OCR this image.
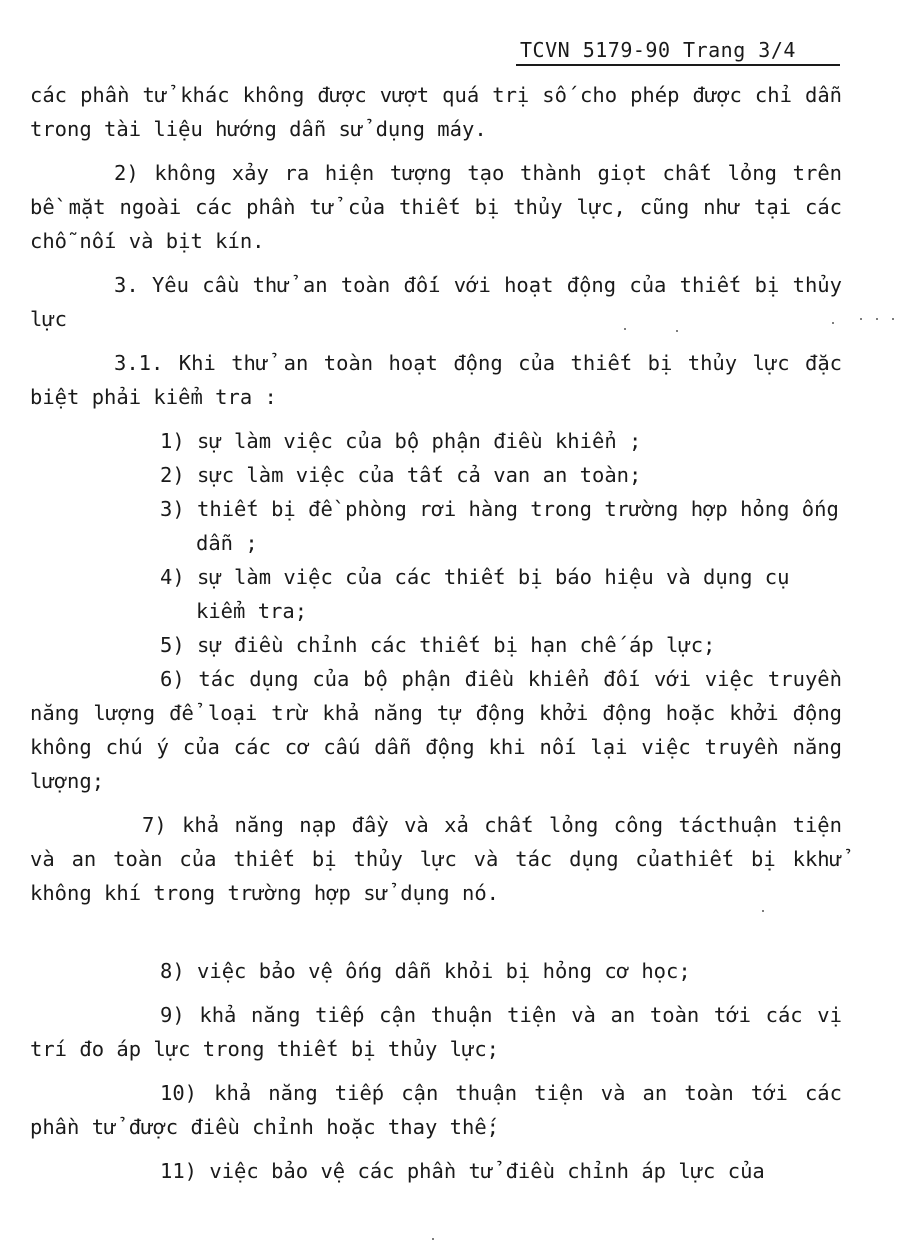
TCVN 5179-90 Trang 3/4

các phần tử khác không được vượt quá trị số cho phép được chỉ dẫn trong tài liệu hướng dẫn sử dụng máy.

2) không xảy ra hiện tượng tạo thành giọt chất lỏng trên bề mặt ngoài các phần tử của thiết bị thủy lực, cũng như tại các chỗ nối và bịt kín.

3. Yêu cầu thử an toàn đối với hoạt động của thiết bị thủy lực

3.1. Khi thử an toàn hoạt động của thiết bị thủy lực đặc biệt phải kiểm tra :

1) sự làm việc của bộ phận điều khiển ;

2) sực làm việc của tất cả van an toàn;

3) thiết bị đề phòng rơi hàng trong trường hợp hỏng ống dẫn ;

4) sự làm việc của các thiết bị báo hiệu và dụng cụ kiểm tra;

5) sự điều chỉnh các thiết bị hạn chế áp lực;

6) tác dụng của bộ phận điều khiển đối với việc truyền năng lượng để loại trừ khả năng tự động khởi động hoặc khởi động không chú ý của các cơ cấu dẫn động khi nối lại việc truyền năng lượng;

7) khả năng nạp đầy và xả chất lỏng công tácthuận tiện và an toàn của thiết bị thủy lực và tác dụng củathiết bị kkhử không khí trong trường hợp sử dụng nó.

8) việc bảo vệ ống dẫn khỏi bị hỏng cơ học;

9) khả năng tiếp cận thuận tiện và an toàn tới các vị trí đo áp lực trong thiết bị thủy lực;

10) khả năng tiếp cận thuận tiện và an toàn tới các phần tử được điều chỉnh hoặc thay thế;

11) việc bảo vệ các phần tử điều chỉnh áp lực của
